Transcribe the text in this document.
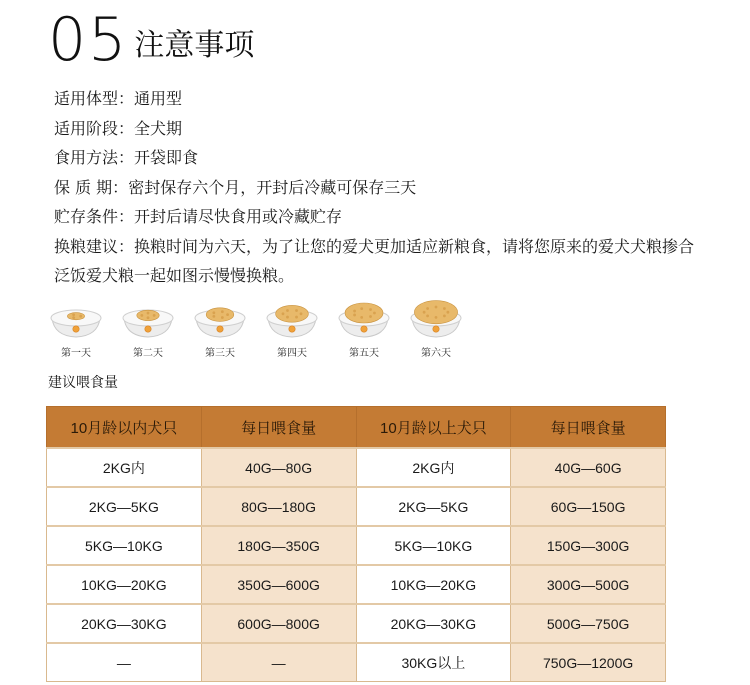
05 注意事项
适用体型：通用型
适用阶段：全犬期
食用方法：开袋即食
保 质 期：密封保存六个月，开封后冷藏可保存三天
贮存条件：开封后请尽快食用或冷藏贮存
换粮建议：换粮时间为六天，为了让您的爱犬更加适应新粮食，请将您原来的爱犬犬粮掺合泛饭爱犬粮一起如图示慢慢换粮。
第一天	第二天	第三天	第四天	第五天	第六天
建议喂食量
10月龄以内犬只	每日喂食量	10月龄以上犬只	每日喂食量
2KG内	40G—80G	2KG内	40G—60G
2KG—5KG	80G—180G	2KG—5KG	60G—150G
5KG—10KG	180G—350G	5KG—10KG	150G—300G
10KG—20KG	350G—600G	10KG—20KG	300G—500G
20KG—30KG	600G—800G	20KG—30KG	500G—750G
—	—	30KG以上	750G—1200G
